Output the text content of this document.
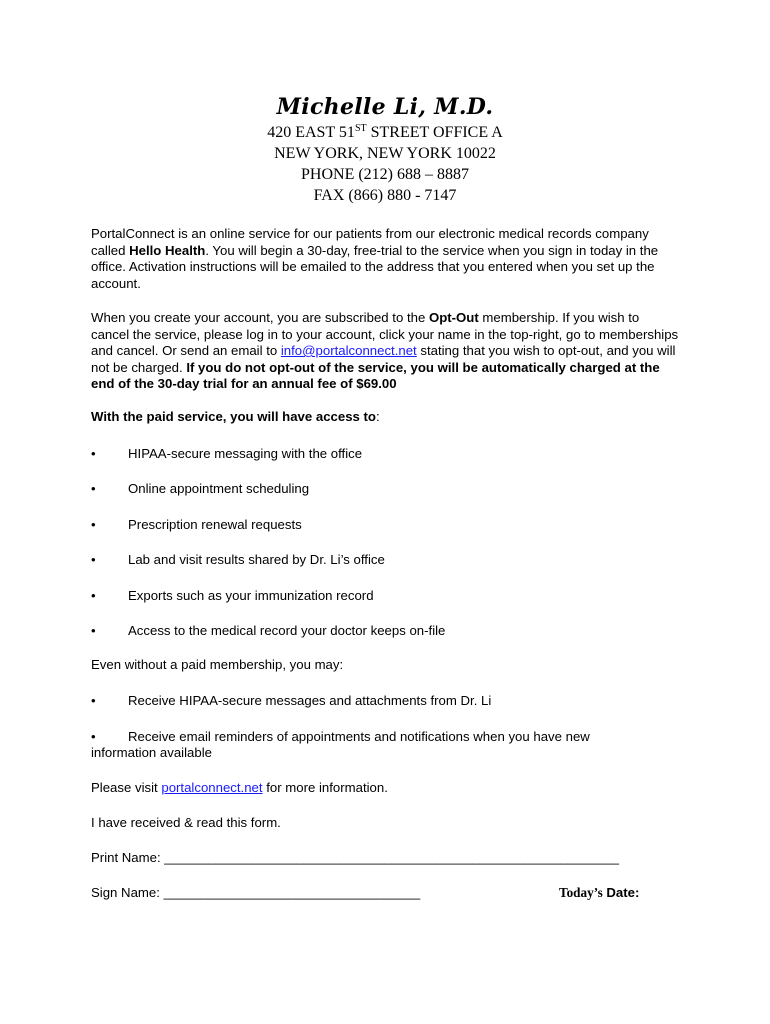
Michelle Li, M.D.
420 EAST 51ST STREET OFFICE A
NEW YORK, NEW YORK 10022
PHONE (212) 688 – 8887
FAX (866) 880 - 7147

PortalConnect is an online service for our patients from our electronic medical records company called Hello Health. You will begin a 30-day, free-trial to the service when you sign in today in the office. Activation instructions will be emailed to the address that you entered when you set up the account.

When you create your account, you are subscribed to the Opt-Out membership. If you wish to cancel the service, please log in to your account, click your name in the top-right, go to memberships and cancel. Or send an email to info@portalconnect.net stating that you wish to opt-out, and you will not be charged. If you do not opt-out of the service, you will be automatically charged at the end of the 30-day trial for an annual fee of $69.00

With the paid service, you will have access to:
•	HIPAA-secure messaging with the office
•	Online appointment scheduling
•	Prescription renewal requests
•	Lab and visit results shared by Dr. Li’s office
•	Exports such as your immunization record
•	Access to the medical record your doctor keeps on-file
Even without a paid membership, you may:
•	Receive HIPAA-secure messages and attachments from Dr. Li
•	Receive email reminders of appointments and notifications when you have new
information available
Please visit portalconnect.net for more information.
I have received & read this form.
Print Name: ______________________________________________________________
Sign Name: ___________________________________	Today’s Date:
